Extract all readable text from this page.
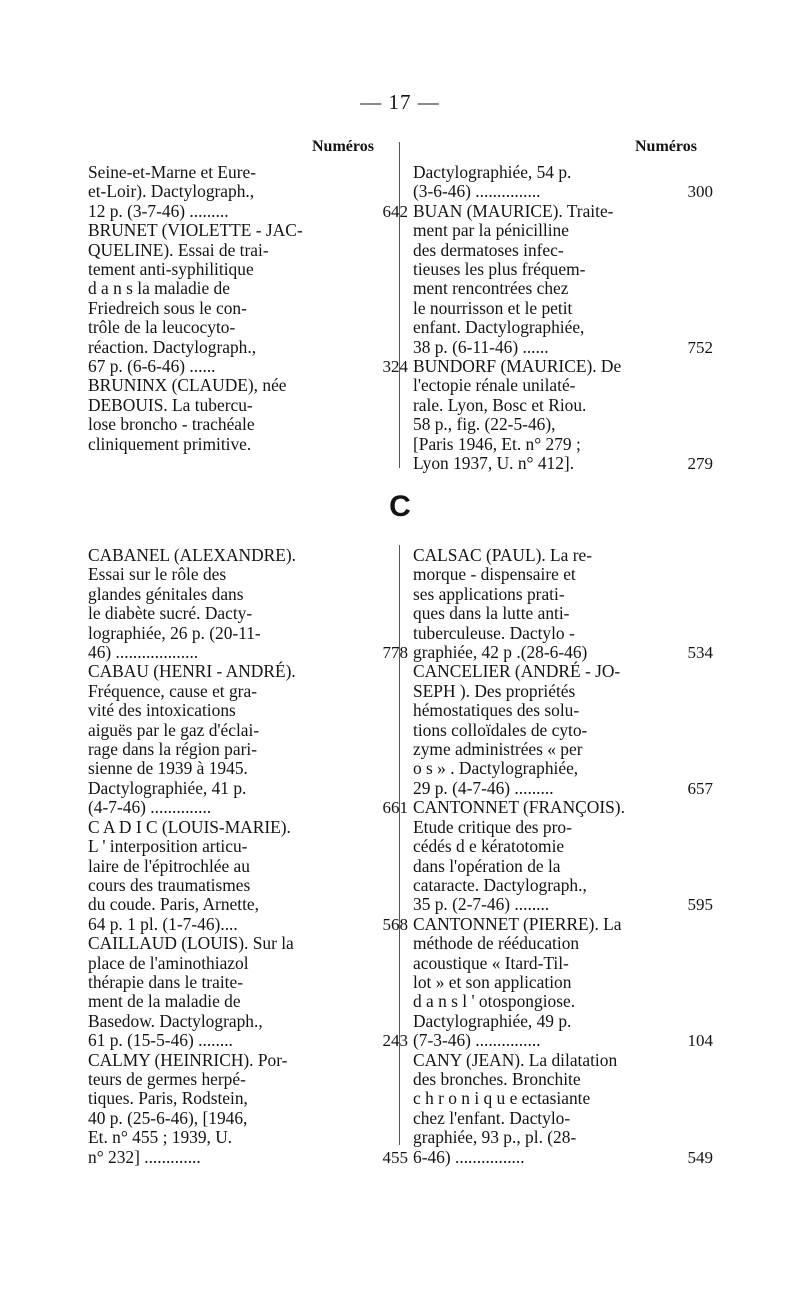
— 17 —
Numéros	Numéros
C
Seine-et-Marne et Eure-
et-Loir). Dactylograph.,
12 p. (3-7-46) .........	642
BRUNET (VIOLETTE - JAC-
QUELINE). Essai de trai-
tement anti-syphilitique
d a n s la maladie de
Friedreich sous le con-
trôle de la leucocyto-
réaction. Dactylograph.,
67 p. (6-6-46) ......	324
BRUNINX (CLAUDE), née
DEBOUIS. La tubercu-
lose broncho - trachéale
cliniquement primitive.
Dactylographiée, 54 p.
(3-6-46) ...............	300
BUAN (MAURICE). Traite-
ment par la pénicilline
des dermatoses infec-
tieuses les plus fréquem-
ment rencontrées chez
le nourrisson et le petit
enfant. Dactylographiée,
38 p. (6-11-46) ......	752
BUNDORF (MAURICE). De
l'ectopie rénale unilaté-
rale. Lyon, Bosc et Riou.
58 p., fig. (22-5-46),
[Paris 1946, Et. n° 279 ;
Lyon 1937, U. n° 412].	279
CABANEL (ALEXANDRE).
Essai sur le rôle des
glandes génitales dans
le diabète sucré. Dacty-
lographiée, 26 p. (20-11-
46) ...................	778
CABAU (HENRI - ANDRÉ).
Fréquence, cause et gra-
vité des intoxications
aiguës par le gaz d'éclai-
rage dans la région pari-
sienne de 1939 à 1945.
Dactylographiée, 41 p.
(4-7-46) ..............	661
C A D I C (LOUIS-MARIE).
L ' interposition articu-
laire de l'épitrochlée au
cours des traumatismes
du coude. Paris, Arnette,
64 p. 1 pl. (1-7-46)....	568
CAILLAUD (LOUIS). Sur la
place de l'aminothiazol
thérapie dans le traite-
ment de la maladie de
Basedow. Dactylograph.,
61 p. (15-5-46) ........	243
CALMY (HEINRICH). Por-
teurs de germes herpé-
tiques. Paris, Rodstein,
40 p. (25-6-46), [1946,
Et. n° 455 ; 1939, U.
n° 232] .............	455
CALSAC (PAUL). La re-
morque - dispensaire et
ses applications prati-
ques dans la lutte anti-
tuberculeuse. Dactylo -
graphiée, 42 p .(28-6-46)	534
CANCELIER (ANDRÉ - JO-
SEPH ). Des propriétés
hémostatiques des solu-
tions colloïdales de cyto-
zyme administrées « per
o s » . Dactylographiée,
29 p. (4-7-46) .........	657
CANTONNET (FRANÇOIS).
Etude critique des pro-
cédés d e kératotomie
dans l'opération de la
cataracte. Dactylograph.,
35 p. (2-7-46) ........	595
CANTONNET (PIERRE). La
méthode de rééducation
acoustique « Itard-Til-
lot » et son application
d a n s l ' otospongiose.
Dactylographiée, 49 p.
(7-3-46) ...............	104
CANY (JEAN). La dilatation
des bronches. Bronchite
c h r o n i q u e ectasiante
chez l'enfant. Dactylo-
graphiée, 93 p., pl. (28-
6-46) ................	549
